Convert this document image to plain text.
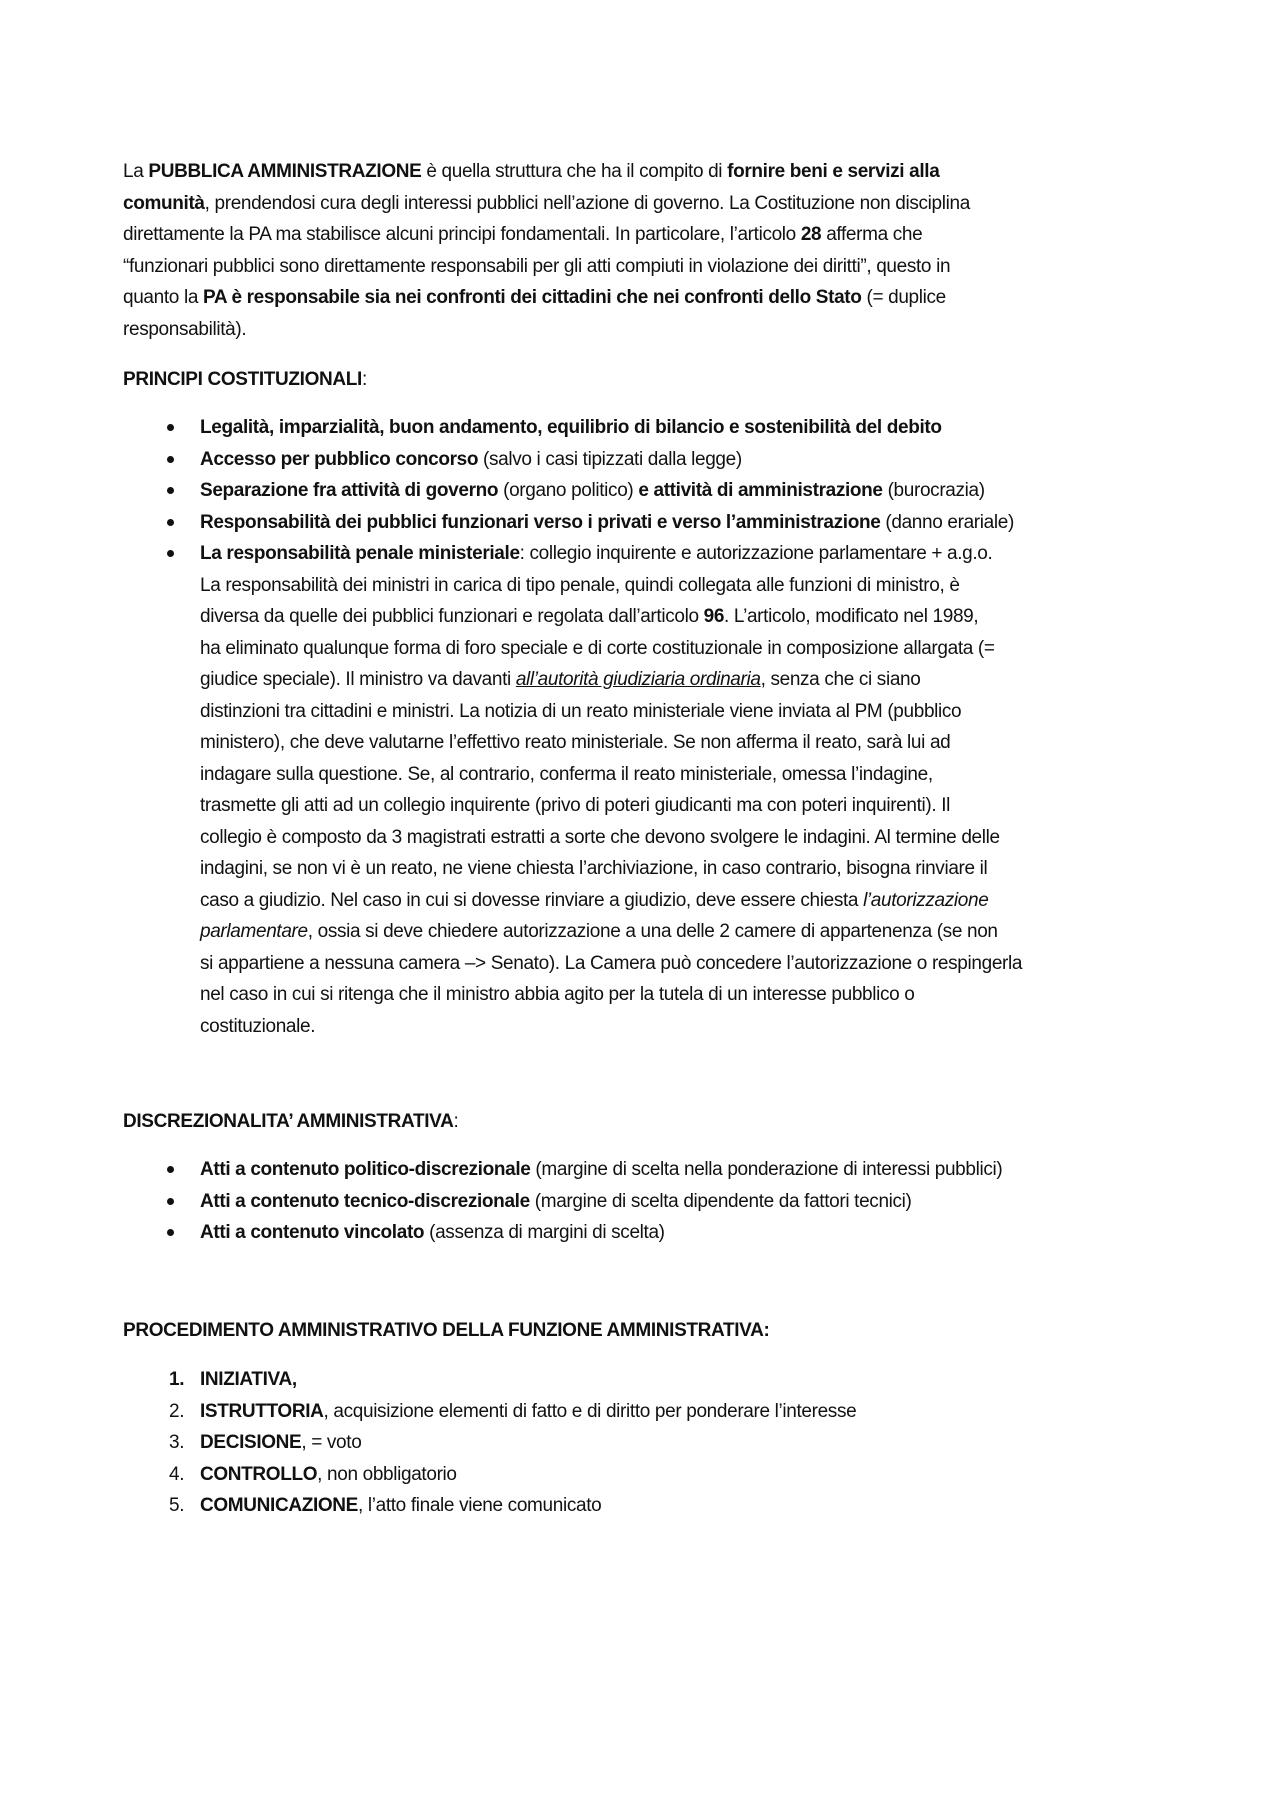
La PUBBLICA AMMINISTRAZIONE è quella struttura che ha il compito di fornire beni e servizi alla
comunità, prendendosi cura degli interessi pubblici nell’azione di governo. La Costituzione non disciplina
direttamente la PA ma stabilisce alcuni principi fondamentali. In particolare, l’articolo 28 afferma che
“funzionari pubblici sono direttamente responsabili per gli atti compiuti in violazione dei diritti”, questo in
quanto la PA è responsabile sia nei confronti dei cittadini che nei confronti dello Stato (= duplice
responsabilità).
PRINCIPI COSTITUZIONALI:
Legalità, imparzialità, buon andamento, equilibrio di bilancio e sostenibilità del debito
Accesso per pubblico concorso (salvo i casi tipizzati dalla legge)
Separazione fra attività di governo (organo politico) e attività di amministrazione (burocrazia)
Responsabilità dei pubblici funzionari verso i privati e verso l’amministrazione (danno erariale)
La responsabilità penale ministeriale: collegio inquirente e autorizzazione parlamentare + a.g.o.
La responsabilità dei ministri in carica di tipo penale, quindi collegata alle funzioni di ministro, è
diversa da quelle dei pubblici funzionari e regolata dall’articolo 96. L’articolo, modificato nel 1989,
ha eliminato qualunque forma di foro speciale e di corte costituzionale in composizione allargata (=
giudice speciale). Il ministro va davanti all’autorità giudiziaria ordinaria, senza che ci siano
distinzioni tra cittadini e ministri. La notizia di un reato ministeriale viene inviata al PM (pubblico
ministero), che deve valutarne l’effettivo reato ministeriale. Se non afferma il reato, sarà lui ad
indagare sulla questione. Se, al contrario, conferma il reato ministeriale, omessa l’indagine,
trasmette gli atti ad un collegio inquirente (privo di poteri giudicanti ma con poteri inquirenti). Il
collegio è composto da 3 magistrati estratti a sorte che devono svolgere le indagini. Al termine delle
indagini, se non vi è un reato, ne viene chiesta l’archiviazione, in caso contrario, bisogna rinviare il
caso a giudizio. Nel caso in cui si dovesse rinviare a giudizio, deve essere chiesta l’autorizzazione
parlamentare, ossia si deve chiedere autorizzazione a una delle 2 camere di appartenenza (se non
si appartiene a nessuna camera –> Senato). La Camera può concedere l’autorizzazione o respingerla
nel caso in cui si ritenga che il ministro abbia agito per la tutela di un interesse pubblico o
costituzionale.
DISCREZIONALITA’ AMMINISTRATIVA:
Atti a contenuto politico-discrezionale (margine di scelta nella ponderazione di interessi pubblici)
Atti a contenuto tecnico-discrezionale (margine di scelta dipendente da fattori tecnici)
Atti a contenuto vincolato (assenza di margini di scelta)
PROCEDIMENTO AMMINISTRATIVO DELLA FUNZIONE AMMINISTRATIVA:
1. INIZIATIVA,
2. ISTRUTTORIA, acquisizione elementi di fatto e di diritto per ponderare l’interesse
3. DECISIONE, = voto
4. CONTROLLO, non obbligatorio
5. COMUNICAZIONE, l’atto finale viene comunicato
